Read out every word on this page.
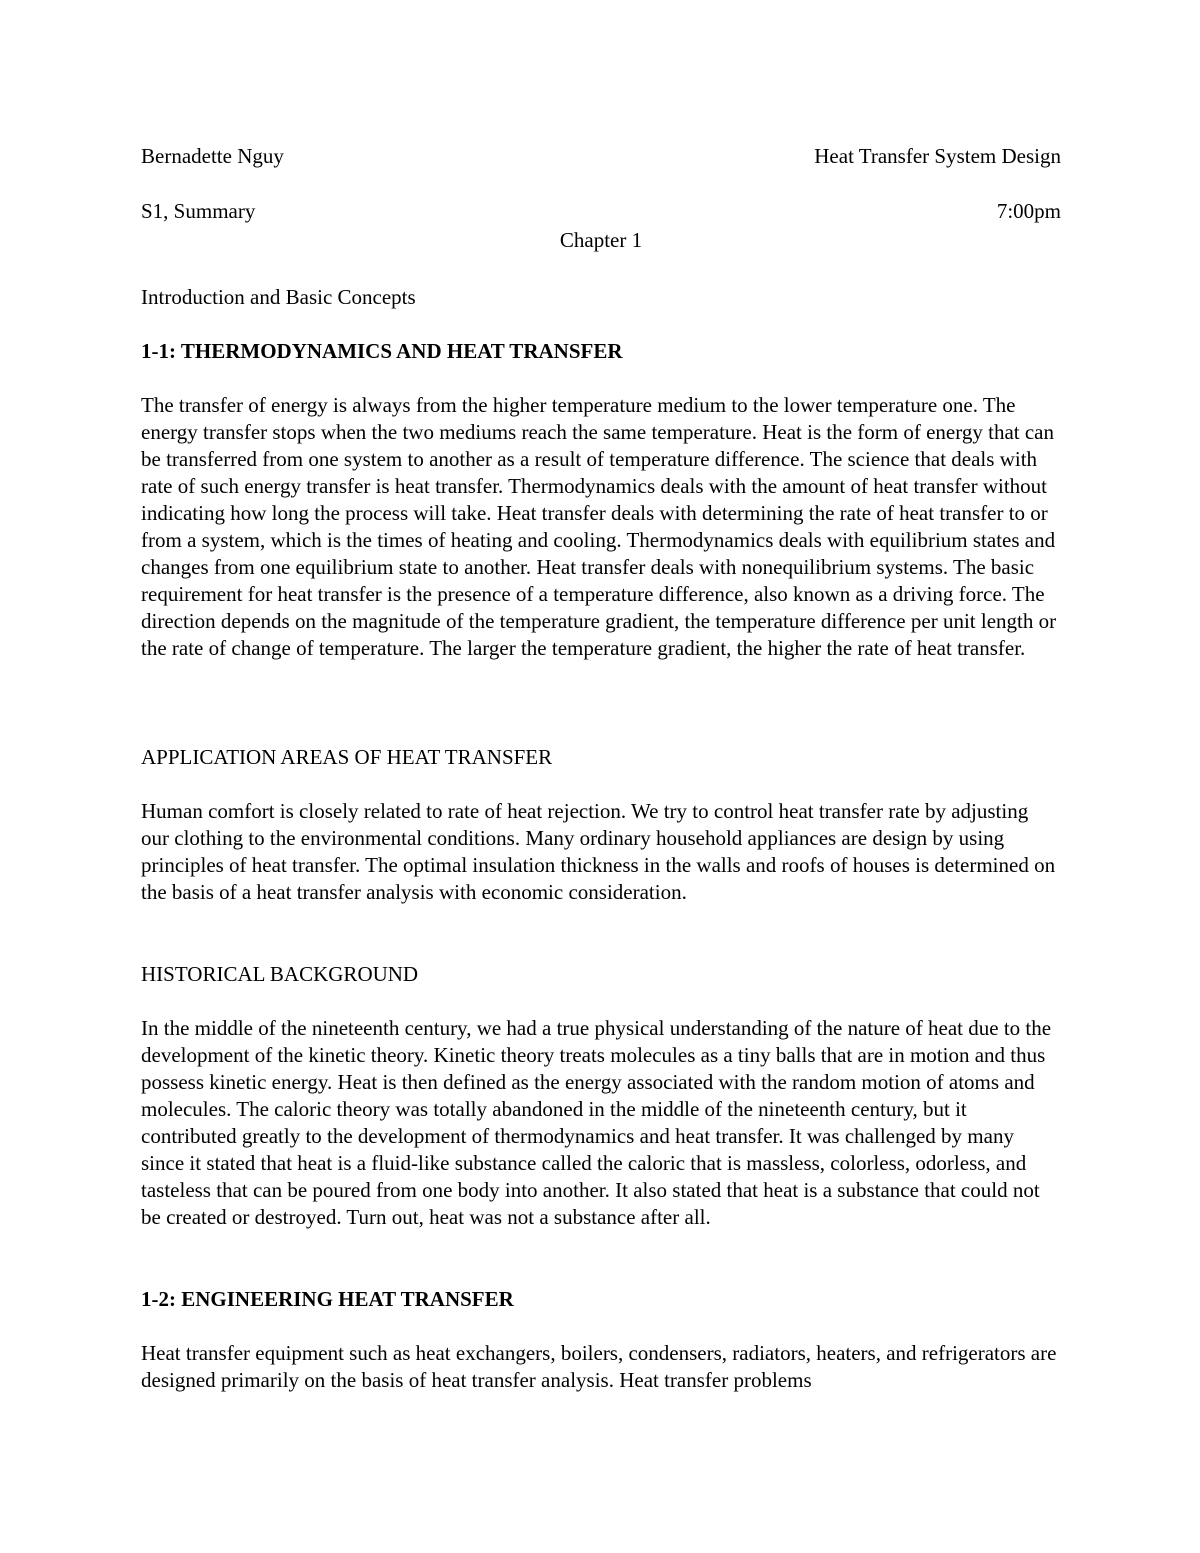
Bernadette Nguy	Heat Transfer System Design
S1, Summary	7:00pm
Chapter 1
Introduction and Basic Concepts
1-1: THERMODYNAMICS AND HEAT TRANSFER

The transfer of energy is always from the higher temperature medium to the lower temperature one. The energy transfer stops when the two mediums reach the same temperature. Heat is the form of energy that can be transferred from one system to another as a result of temperature difference. The science that deals with rate of such energy transfer is heat transfer. Thermodynamics deals with the amount of heat transfer without indicating how long the process will take. Heat transfer deals with determining the rate of heat transfer to or from a system, which is the times of heating and cooling. Thermodynamics deals with equilibrium states and changes from one equilibrium state to another. Heat transfer deals with nonequilibrium systems. The basic requirement for heat transfer is the presence of a temperature difference, also known as a driving force. The direction depends on the magnitude of the temperature gradient, the temperature difference per unit length or the rate of change of temperature. The larger the temperature gradient, the higher the rate of heat transfer.

APPLICATION AREAS OF HEAT TRANSFER

Human comfort is closely related to rate of heat rejection. We try to control heat transfer rate by adjusting our clothing to the environmental conditions. Many ordinary household appliances are design by using principles of heat transfer. The optimal insulation thickness in the walls and roofs of houses is determined on the basis of a heat transfer analysis with economic consideration.

HISTORICAL BACKGROUND

In the middle of the nineteenth century, we had a true physical understanding of the nature of heat due to the development of the kinetic theory. Kinetic theory treats molecules as a tiny balls that are in motion and thus possess kinetic energy. Heat is then defined as the energy associated with the random motion of atoms and molecules. The caloric theory was totally abandoned in the middle of the nineteenth century, but it contributed greatly to the development of thermodynamics and heat transfer. It was challenged by many since it stated that heat is a fluid-like substance called the caloric that is massless, colorless, odorless, and tasteless that can be poured from one body into another. It also stated that heat is a substance that could not be created or destroyed. Turn out, heat was not a substance after all.

1-2: ENGINEERING HEAT TRANSFER

Heat transfer equipment such as heat exchangers, boilers, condensers, radiators, heaters, and refrigerators are designed primarily on the basis of heat transfer analysis. Heat transfer problems
